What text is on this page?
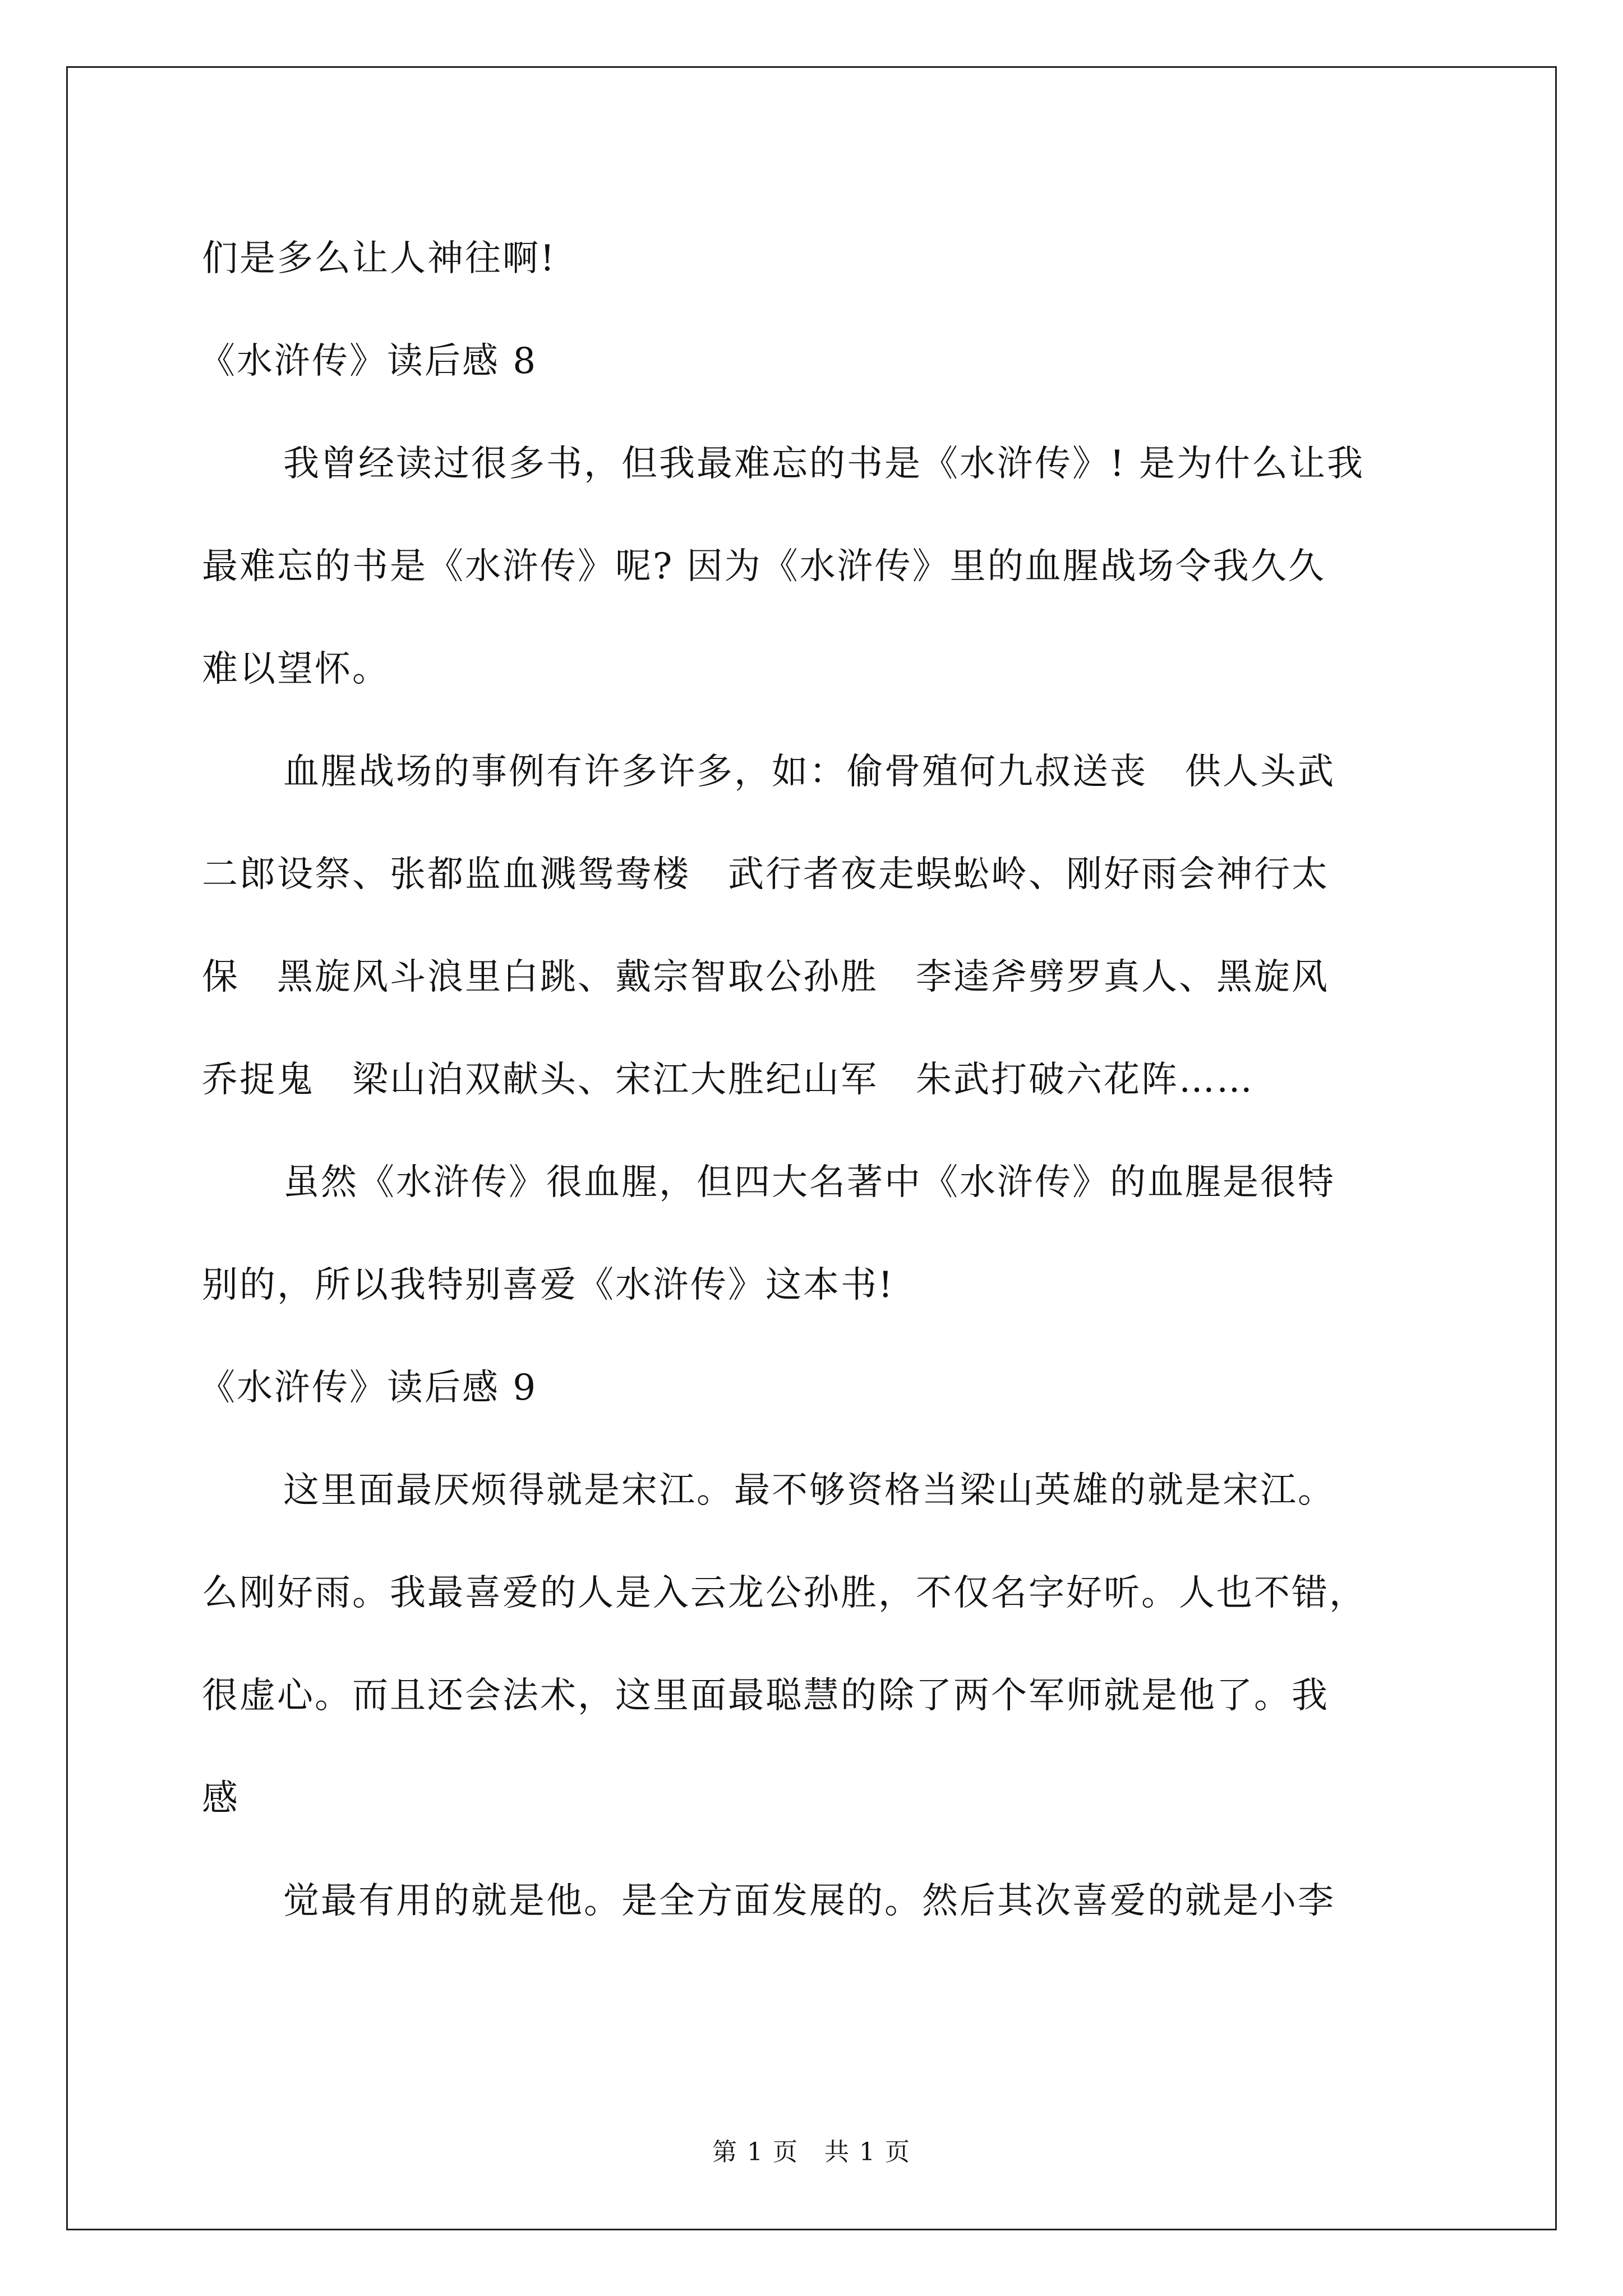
们是多么让人神往啊!
《水浒传》读后感 8
我曾经读过很多书，但我最难忘的书是《水浒传》! 是为什么让我
最难忘的书是《水浒传》呢? 因为《水浒传》里的血腥战场令我久久
难以望怀。
血腥战场的事例有许多许多，如：偷骨殖何九叔送丧　供人头武
二郎设祭、张都监血溅鸳鸯楼　武行者夜走蜈蚣岭、刚好雨会神行太
保　黑旋风斗浪里白跳、戴宗智取公孙胜　李逵斧劈罗真人、黑旋风
乔捉鬼　梁山泊双献头、宋江大胜纪山军　朱武打破六花阵……
虽然《水浒传》很血腥，但四大名著中《水浒传》的血腥是很特
别的，所以我特别喜爱《水浒传》这本书!
《水浒传》读后感 9
这里面最厌烦得就是宋江。最不够资格当梁山英雄的就是宋江。
么刚好雨。我最喜爱的人是入云龙公孙胜，不仅名字好听。人也不错，
很虚心。而且还会法术，这里面最聪慧的除了两个军师就是他了。我
感
觉最有用的就是他。是全方面发展的。然后其次喜爱的就是小李
第 1 页　共 1 页
